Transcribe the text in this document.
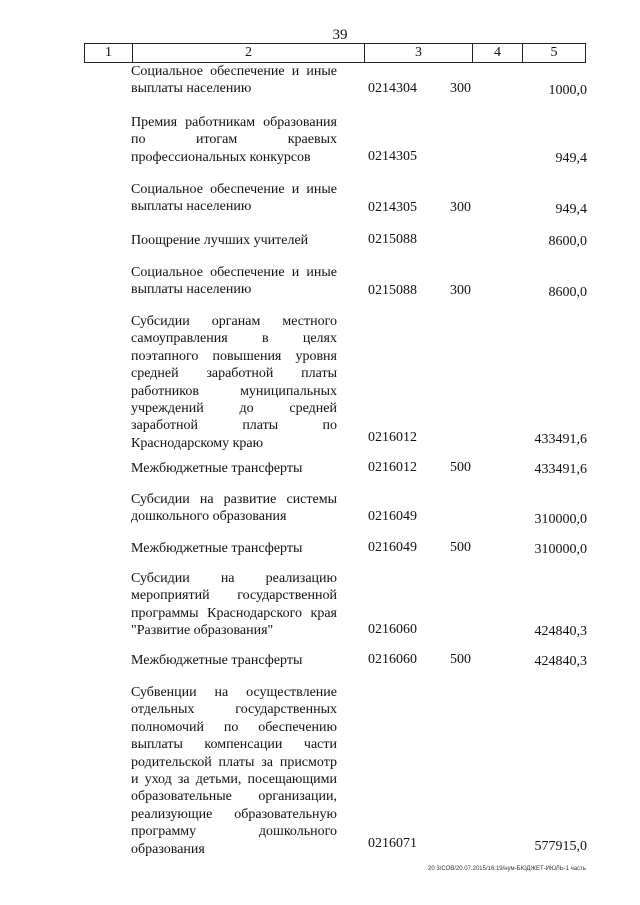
39
1	2	3	4	5
Социальное обеспечение и иные выплаты населению	0214304 300	1000,0
Премия работникам образования по итогам краевых профессиональных конкурсов	0214305	949,4
Социальное обеспечение и иные выплаты населению	0214305 300	949,4
Поощрение лучших учителей	0215088	8600,0
Социальное обеспечение и иные выплаты населению	0215088 300	8600,0
Субсидии органам местного самоуправления в целях поэтапного повышения уровня средней заработной платы работников муниципальных учреждений до средней заработной платы по Краснодарскому краю	0216012	433491,6
Межбюджетные трансферты	0216012 500	433491,6
Субсидии на развитие системы дошкольного образования	0216049	310000,0
Межбюджетные трансферты	0216049 500	310000,0
Субсидии на реализацию мероприятий государственной программы Краснодарского края "Развитие образования"	0216060	424840,3
Межбюджетные трансферты	0216060 500	424840,3
Субвенции на осуществление отдельных государственных полномочий по обеспечению выплаты компенсации части родительской платы за присмотр и уход за детьми, посещающими образовательные организации, реализующие образовательную программу дошкольного образования	0216071	577915,0
20 3/СОВ/20.07.2015/16:19/нум-БЮДЖЕТ-ИЮЛЬ-1 часть
